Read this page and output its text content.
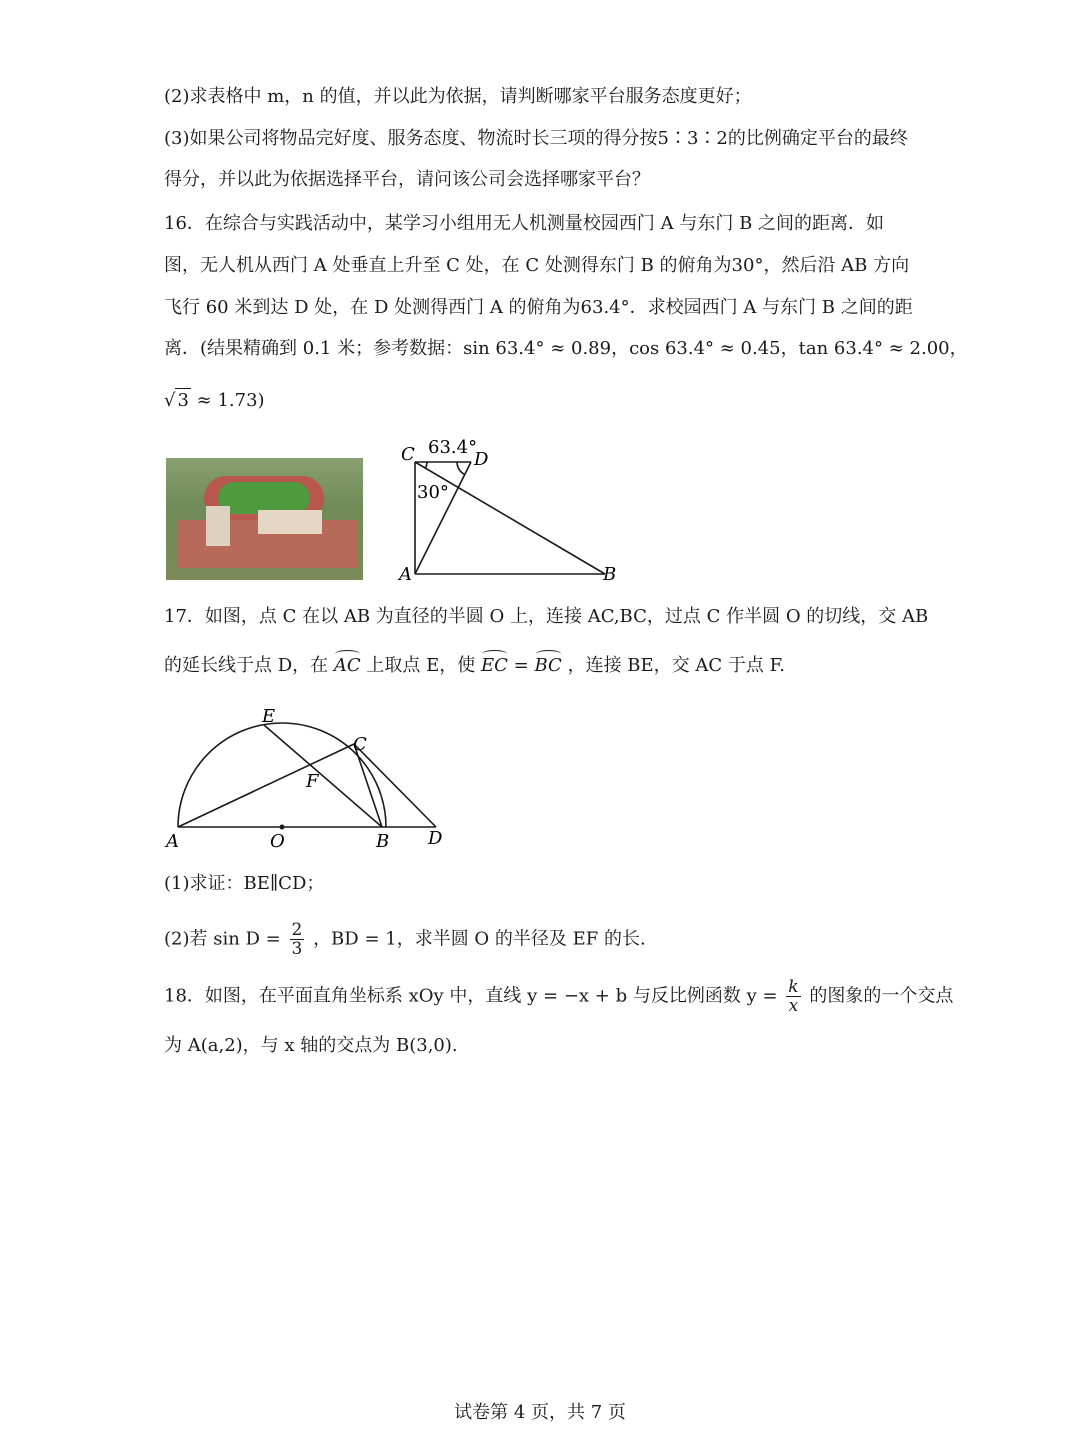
(2)求表格中 m，n 的值，并以此为依据，请判断哪家平台服务态度更好；
(3)如果公司将物品完好度、服务态度、物流时长三项的得分按5∶3∶2的比例确定平台的最终
得分，并以此为依据选择平台，请问该公司会选择哪家平台？
16．在综合与实践活动中，某学习小组用无人机测量校园西门 A 与东门 B 之间的距离．如
图，无人机从西门 A 处垂直上升至 C 处，在 C 处测得东门 B 的俯角为30°，然后沿 AB 方向
飞行 60 米到达 D 处，在 D 处测得西门 A 的俯角为63.4°．求校园西门 A 与东门 B 之间的距
离．(结果精确到 0.1 米；参考数据：sin 63.4° ≈ 0.89，cos 63.4° ≈ 0.45，tan 63.4° ≈ 2.00，
√ 3 ≈ 1.73)
C	D
63.4°
30°
A	B
17．如图，点 C 在以 AB 为直径的半圆 O 上，连接 AC,BC，过点 C 作半圆 O 的切线，交 AB
的延长线于点 D，在 AC 上取点 E，使 EC = BC ，连接 BE，交 AC 于点 F.
E
C
F
A	O	B D
(1)求证：BE∥CD；
(2)若 $\sin D = \frac{2}{3}$ ，BD = 1，求半圆 O 的半径及 EF 的长.
18．如图，在平面直角坐标系 xOy 中，直线 y = −x + b 与反比例函数 $y = \frac{k}{x}$ 的图象的一个交点
为 A(a,2)，与 x 轴的交点为 B(3,0).
试卷第 4 页，共 7 页
